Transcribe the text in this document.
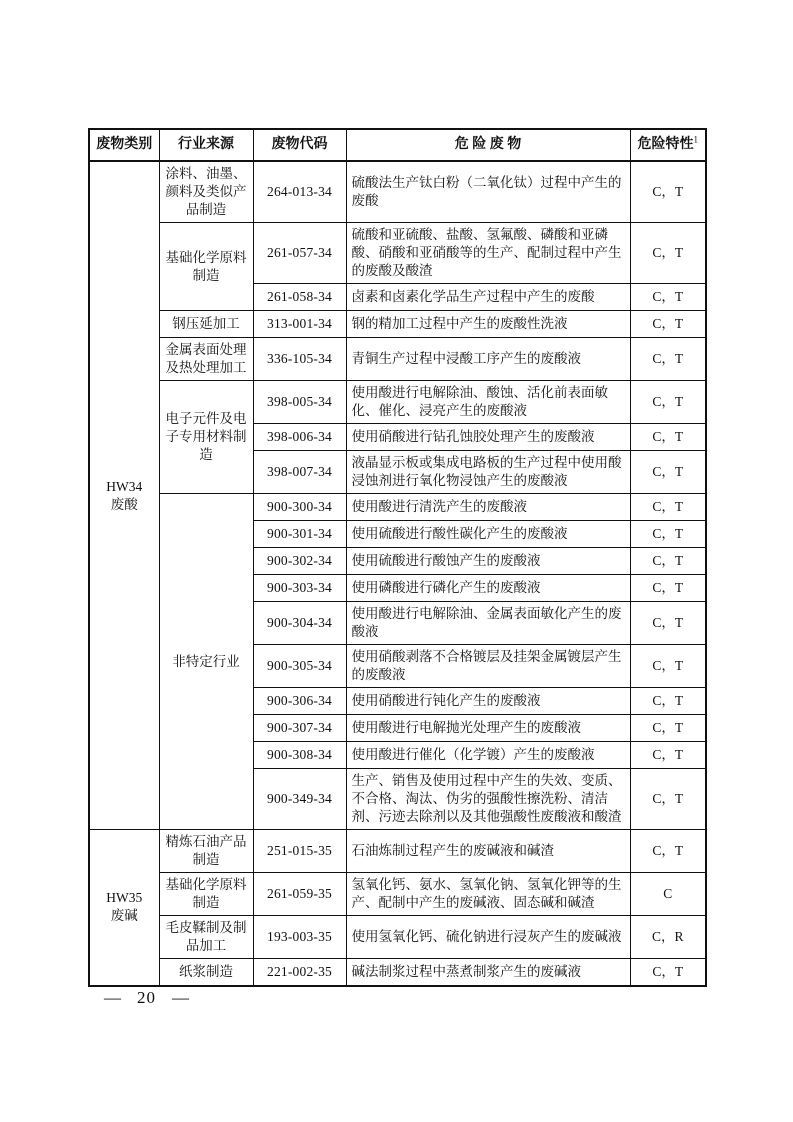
废物类别	行业来源	废物代码	危 险 废 物	危险特性$^1$

HW34
废酸	涂料、油墨、颜料及类似产品制造	264-013-34	硫酸法生产钛白粉（二氧化钛）过程中产生的废酸	C，T
	基础化学原料制造	261-057-34	硫酸和亚硫酸、盐酸、氢氟酸、磷酸和亚磷酸、硝酸和亚硝酸等的生产、配制过程中产生的废酸及酸渣	C，T
		261-058-34	卤素和卤素化学品生产过程中产生的废酸	C，T
	钢压延加工	313-001-34	钢的精加工过程中产生的废酸性洗液	C，T
	金属表面处理及热处理加工	336-105-34	青铜生产过程中浸酸工序产生的废酸液	C，T
	电子元件及电子专用材料制造	398-005-34	使用酸进行电解除油、酸蚀、活化前表面敏化、催化、浸亮产生的废酸液	C，T
		398-006-34	使用硝酸进行钻孔蚀胶处理产生的废酸液	C，T
		398-007-34	液晶显示板或集成电路板的生产过程中使用酸浸蚀剂进行氧化物浸蚀产生的废酸液	C，T
	非特定行业	900-300-34	使用酸进行清洗产生的废酸液	C，T
		900-301-34	使用硫酸进行酸性碳化产生的废酸液	C，T
		900-302-34	使用硫酸进行酸蚀产生的废酸液	C，T
		900-303-34	使用磷酸进行磷化产生的废酸液	C，T
		900-304-34	使用酸进行电解除油、金属表面敏化产生的废酸液	C，T
		900-305-34	使用硝酸剥落不合格镀层及挂架金属镀层产生的废酸液	C，T
		900-306-34	使用硝酸进行钝化产生的废酸液	C，T
		900-307-34	使用酸进行电解抛光处理产生的废酸液	C，T
		900-308-34	使用酸进行催化（化学镀）产生的废酸液	C，T
		900-349-34	生产、销售及使用过程中产生的失效、变质、不合格、淘汰、伪劣的强酸性擦洗粉、清洁剂、污迹去除剂以及其他强酸性废酸液和酸渣	C，T

HW35
废碱	精炼石油产品制造	251-015-35	石油炼制过程产生的废碱液和碱渣	C，T
	基础化学原料制造	261-059-35	氢氧化钙、氨水、氢氧化钠、氢氧化钾等的生产、配制中产生的废碱液、固态碱和碱渣	C
	毛皮鞣制及制品加工	193-003-35	使用氢氧化钙、硫化钠进行浸灰产生的废碱液	C，R
	纸浆制造	221-002-35	碱法制浆过程中蒸煮制浆产生的废碱液	C，T
— 20 —
